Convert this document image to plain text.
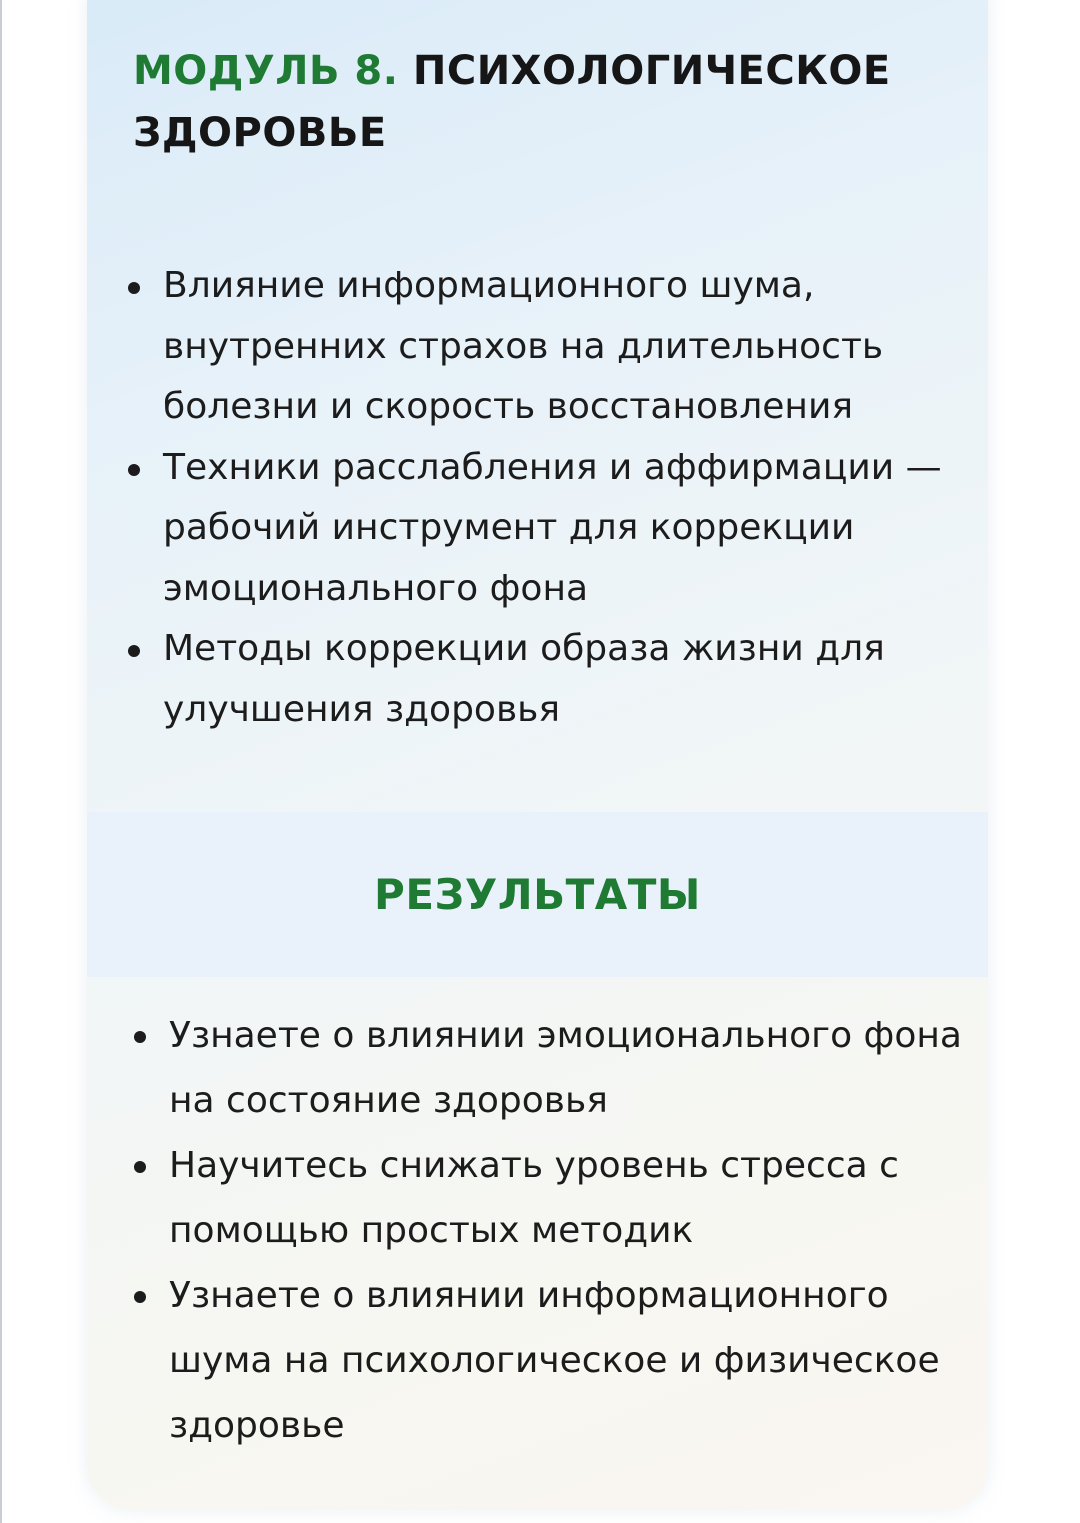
МОДУЛЬ 8. ПСИХОЛОГИЧЕСКОЕ ЗДОРОВЬЕ
Влияние информационного шума, внутренних страхов на длительность болезни и скорость восстановления
Техники расслабления и аффирмации — рабочий инструмент для коррекции эмоционального фона
Методы коррекции образа жизни для улучшения здоровья
РЕЗУЛЬТАТЫ
Узнаете о влиянии эмоционального фона на состояние здоровья
Научитесь снижать уровень стресса с помощью простых методик
Узнаете о влиянии информационного шума на психологическое и физическое здоровье
